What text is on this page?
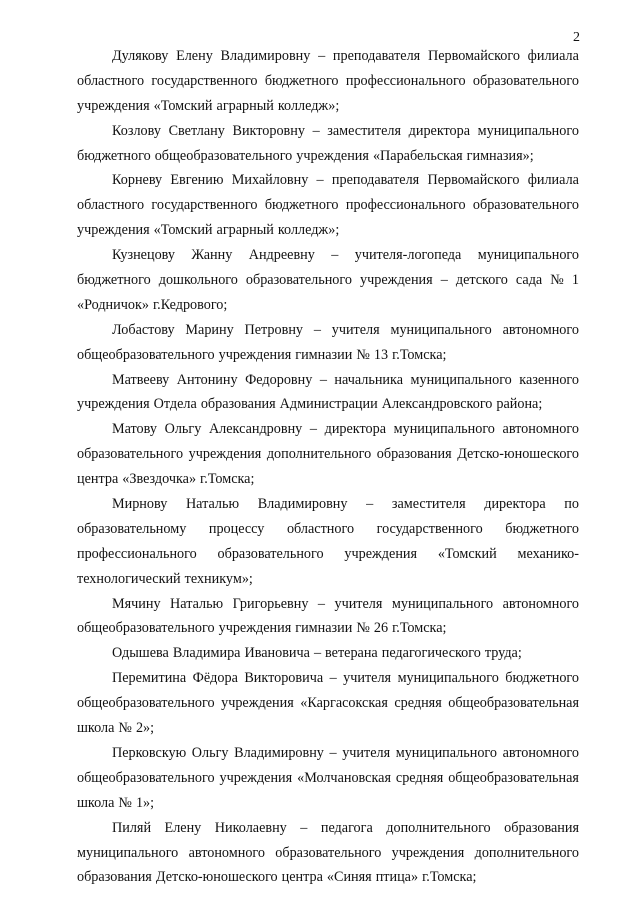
2
Дулякову Елену Владимировну – преподавателя Первомайского филиала
областного государственного бюджетного профессионального образовательного
учреждения «Томский аграрный колледж»;
Козлову Светлану Викторовну – заместителя директора муниципального
бюджетного общеобразовательного учреждения «Парабельская гимназия»;
Корневу Евгению Михайловну – преподавателя Первомайского филиала
областного государственного бюджетного профессионального образовательного
учреждения «Томский аграрный колледж»;
Кузнецову Жанну Андреевну – учителя-логопеда муниципального
бюджетного дошкольного образовательного учреждения – детского сада № 1
«Родничок» г.Кедрового;
Лобастову Марину Петровну – учителя муниципального автономного
общеобразовательного учреждения гимназии № 13 г.Томска;
Матвееву Антонину Федоровну – начальника муниципального казенного
учреждения Отдела образования Администрации Александровского района;
Матову Ольгу Александровну – директора муниципального автономного
образовательного учреждения дополнительного образования Детско-юношеского
центра «Звездочка» г.Томска;
Мирнову Наталью Владимировну – заместителя директора по
образовательному процессу областного государственного бюджетного
профессионального образовательного учреждения «Томский механико-
технологический техникум»;
Мячину Наталью Григорьевну – учителя муниципального автономного
общеобразовательного учреждения гимназии № 26 г.Томска;
Одышева Владимира Ивановича – ветерана педагогического труда;
Перемитина Фёдора Викторовича – учителя муниципального бюджетного
общеобразовательного учреждения «Каргасокская средняя общеобразовательная
школа № 2»;
Перковскую Ольгу Владимировну – учителя муниципального автономного
общеобразовательного учреждения «Молчановская средняя общеобразовательная
школа № 1»;
Пиляй Елену Николаевну – педагога дополнительного образования
муниципального автономного образовательного учреждения дополнительного
образования Детско-юношеского центра «Синяя птица» г.Томска;
